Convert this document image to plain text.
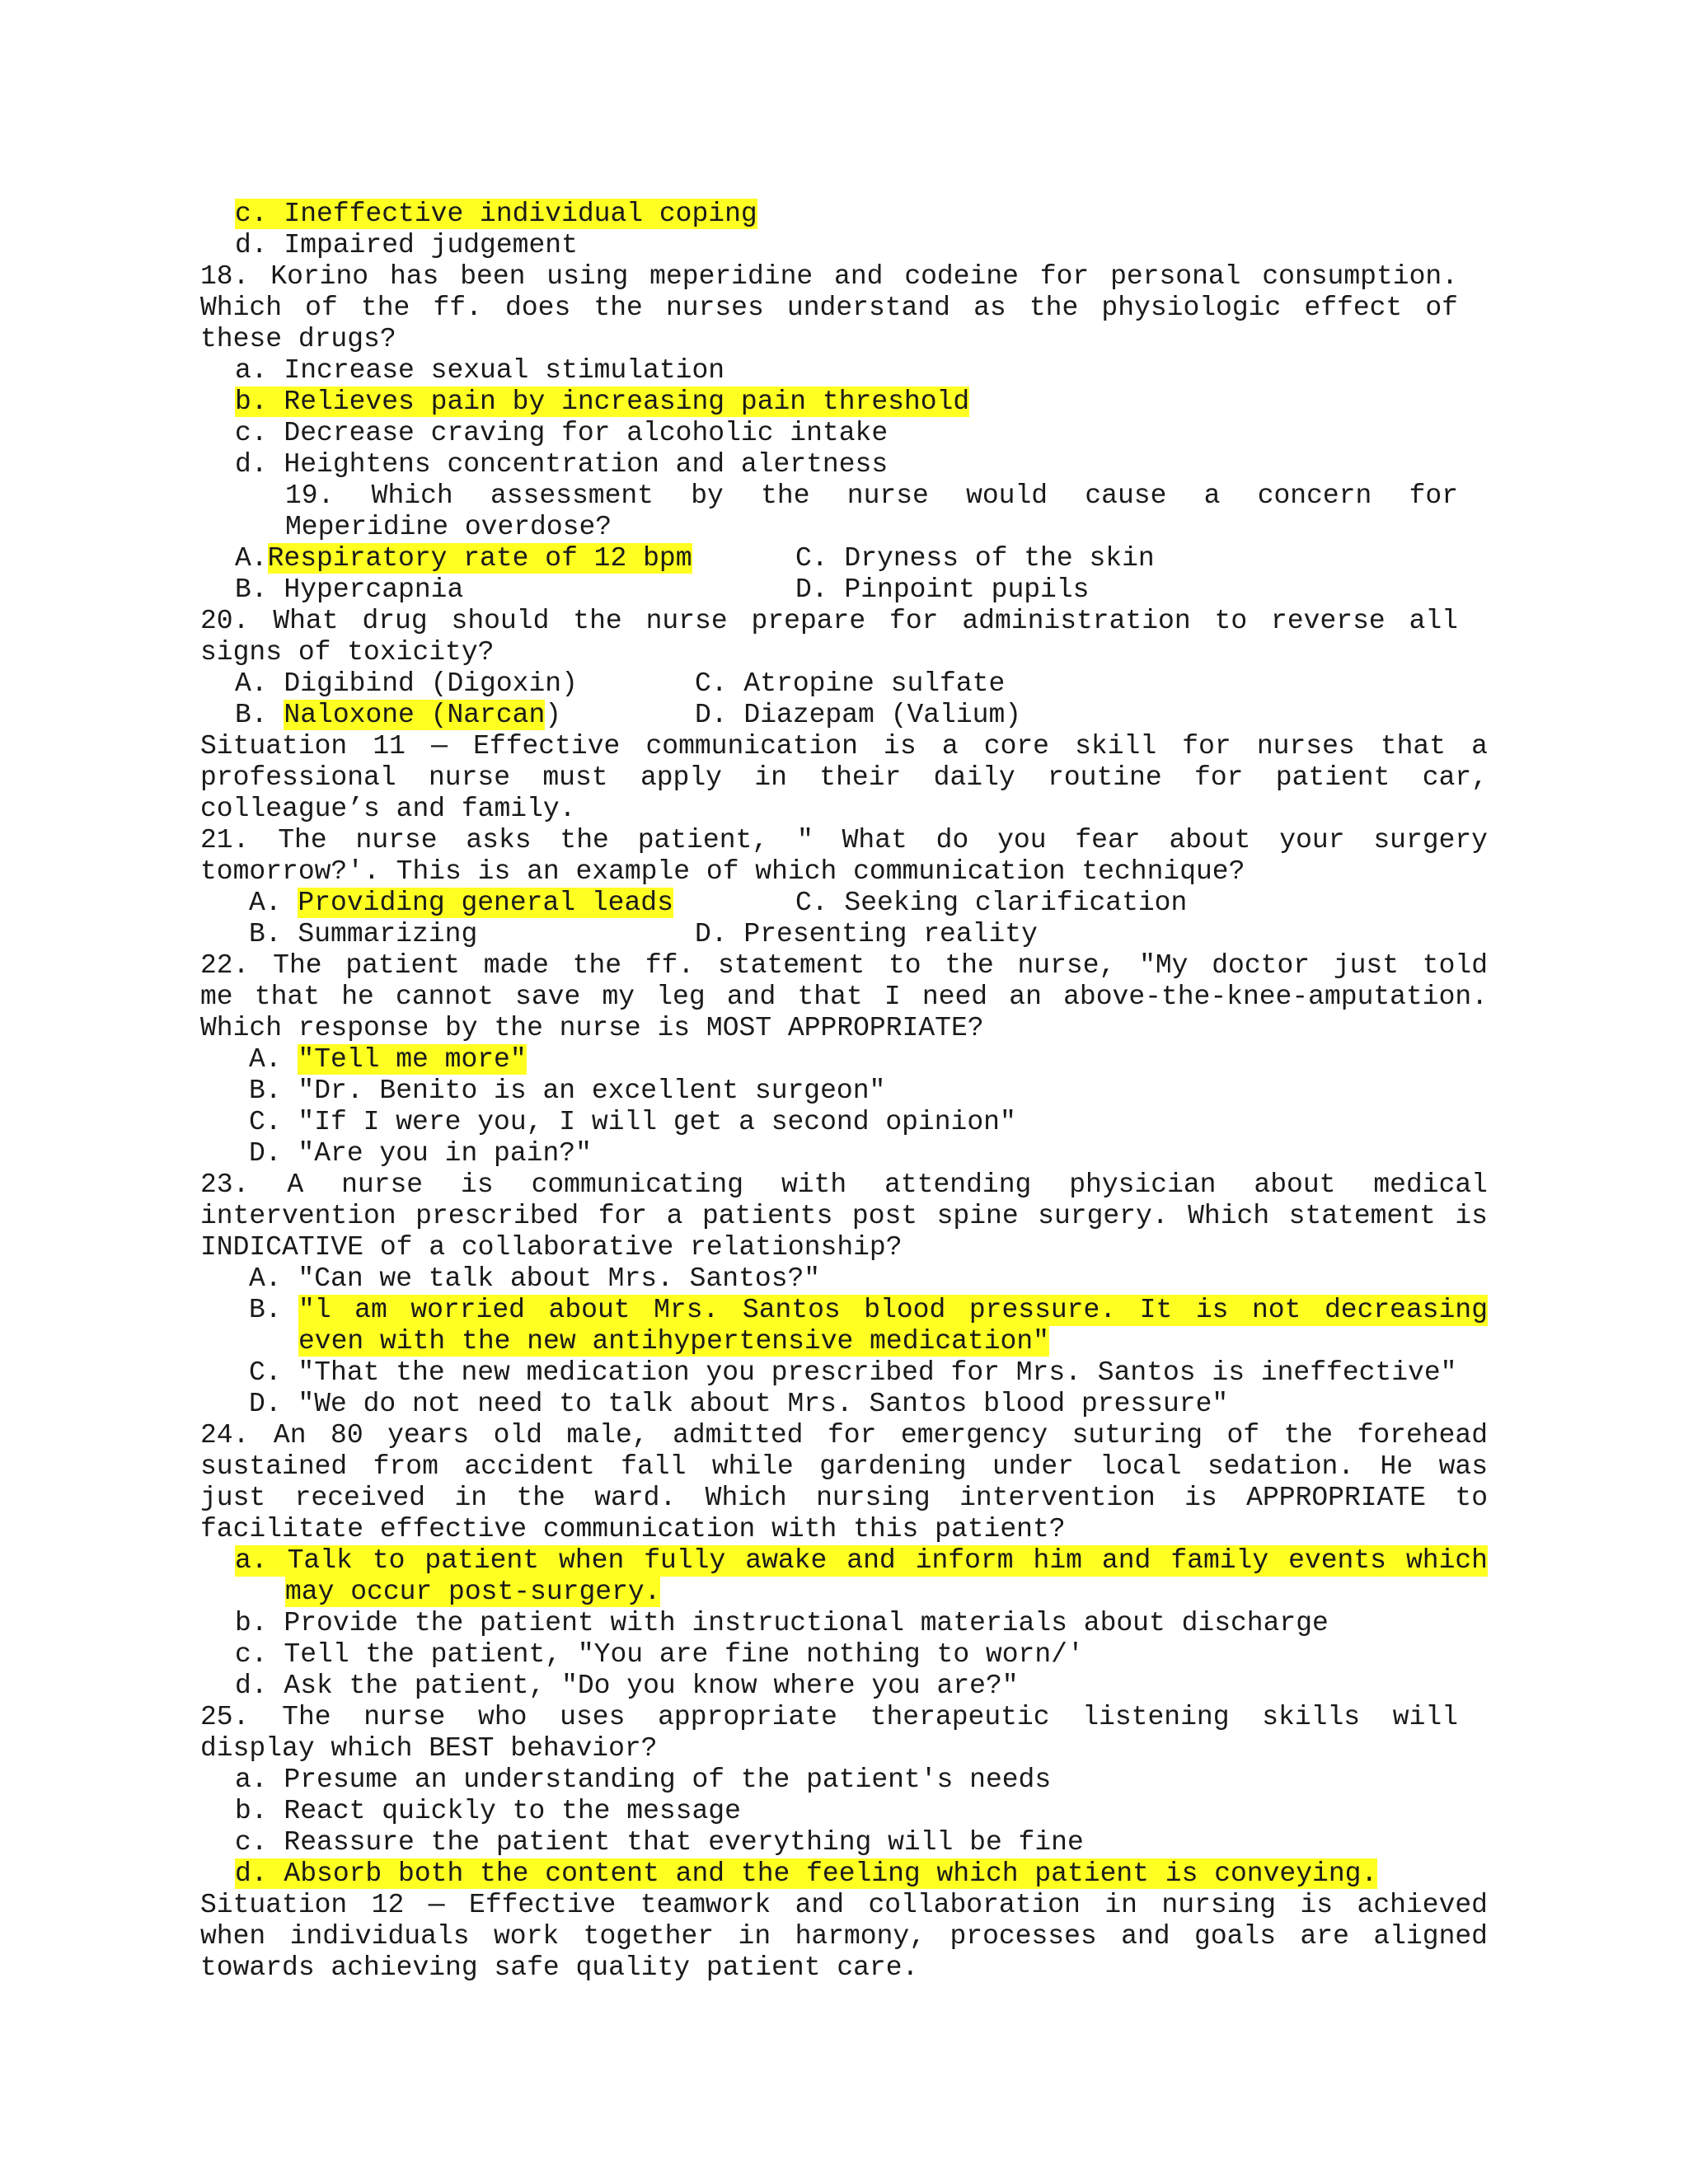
c. Ineffective individual coping
d. Impaired judgement
18. Korino has been using meperidine and codeine for personal consumption.
Which of the ff. does the nurses understand as the physiologic effect of
these drugs?
a. Increase sexual stimulation
b. Relieves pain by increasing pain threshold
c. Decrease craving for alcoholic intake
d. Heightens concentration and alertness
19. Which assessment by the nurse would cause a concern for
Meperidine overdose?
A.Respiratory rate of 12 bpm	C. Dryness of the skin
B. Hypercapnia	D. Pinpoint pupils
20. What drug should the nurse prepare for administration to reverse all
signs of toxicity?
A. Digibind (Digoxin)	C. Atropine sulfate
B. Naloxone (Narcan)	D. Diazepam (Valium)
Situation 11 — Effective communication is a core skill for nurses that a
professional nurse must apply in their daily routine for patient car,
colleague’s and family.
21. The nurse asks the patient, " What do you fear about your surgery
tomorrow?'. This is an example of which communication technique?
A. Providing general leads	C. Seeking clarification
B. Summarizing	D. Presenting reality
22. The patient made the ff. statement to the nurse, "My doctor just told
me that he cannot save my leg and that I need an above-the-knee-amputation.
Which response by the nurse is MOST APPROPRIATE?
A. "Tell me more"
B. "Dr. Benito is an excellent surgeon"
C. "If I were you, I will get a second opinion"
D. "Are you in pain?"
23. A nurse is communicating with attending physician about medical
intervention prescribed for a patients post spine surgery. Which statement is
INDICATIVE of a collaborative relationship?
A. "Can we talk about Mrs. Santos?"
B. "l am worried about Mrs. Santos blood pressure. It is not decreasing
even with the new antihypertensive medication"
C. "That the new medication you prescribed for Mrs. Santos is ineffective"
D. "We do not need to talk about Mrs. Santos blood pressure"
24. An 80 years old male, admitted for emergency suturing of the forehead
sustained from accident fall while gardening under local sedation. He was
just received in the ward. Which nursing intervention is APPROPRIATE to
facilitate effective communication with this patient?
a. Talk to patient when fully awake and inform him and family events which
may occur post-surgery.
b. Provide the patient with instructional materials about discharge
c. Tell the patient, "You are fine nothing to worn/'
d. Ask the patient, "Do you know where you are?"
25. The nurse who uses appropriate therapeutic listening skills will
display which BEST behavior?
a. Presume an understanding of the patient's needs
b. React quickly to the message
c. Reassure the patient that everything will be fine
d. Absorb both the content and the feeling which patient is conveying.
Situation 12 — Effective teamwork and collaboration in nursing is achieved
when individuals work together in harmony, processes and goals are aligned
towards achieving safe quality patient care.
